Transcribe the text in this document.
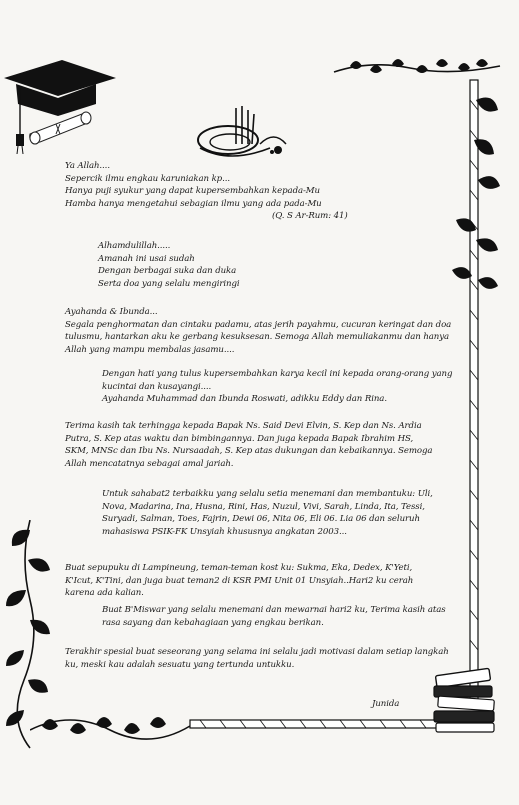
Ya Allah....
Sepercik ilmu engkau karuniakan kp...
Hanya puji syukur yang dapat kupersembahkan kepada-Mu
Hamba hanya mengetahui sebagian ilmu yang ada pada-Mu
(Q. S Ar-Rum: 41)
Alhamdulillah.....
Amanah ini usai sudah
Dengan berbagai suka dan duka
Serta doa yang selalu mengiringi
Ayahanda & Ibunda...
Segala penghormatan dan cintaku padamu, atas jerih payahmu, cucuran keringat dan doa
tulusmu, hantarkan aku ke gerbang kesuksesan. Semoga Allah memuliakanmu dan hanya
Allah yang mampu membalas jasamu....
Dengan hati yang tulus kupersembahkan karya kecil ini kepada orang-orang yang
kucintai dan kusayangi....
Ayahanda Muhammad dan Ibunda Roswati, adikku Eddy dan Rina.
Terima kasih tak terhingga kepada Bapak Ns. Said Devi Elvin, S. Kep dan Ns. Ardia
Putra, S. Kep atas waktu dan bimbingannya. Dan juga kepada Bapak Ibrahim HS,
SKM, MNSc dan Ibu Ns. Nursaadah, S. Kep atas dukungan dan kebaikannya. Semoga
Allah mencatatnya sebagai amal jariah.
Untuk sahabat2 terbaikku yang selalu setia menemani dan membantuku: Uli,
Nova, Madarina, Ina, Husna, Rini, Has, Nuzul, Vivi, Sarah, Linda, Ita, Tessi,
Suryadi, Salman, Toes, Fajrin, Dewi 06, Nita 06, Eli 06. Lia 06 dan seluruh
mahasiswa PSIK-FK Unsyiah khususnya angkatan 2003...
Buat sepupuku di Lampineung, teman-teman kost ku: Sukma, Eka, Dedex, K'Yeti,
K'Icut, K'Tini, dan juga buat teman2 di KSR PMI Unit 01 Unsyiah..Hari2 ku cerah
karena ada kalian.
Buat B'Miswar yang selalu menemani dan mewarnai hari2 ku, Terima kasih atas
rasa sayang dan kebahagiaan yang engkau berikan.
Terakhir spesial buat seseorang yang selama ini selalu jadi motivasi dalam setiap langkah
ku, meski kau adalah sesuatu yang tertunda untukku.
Junida
